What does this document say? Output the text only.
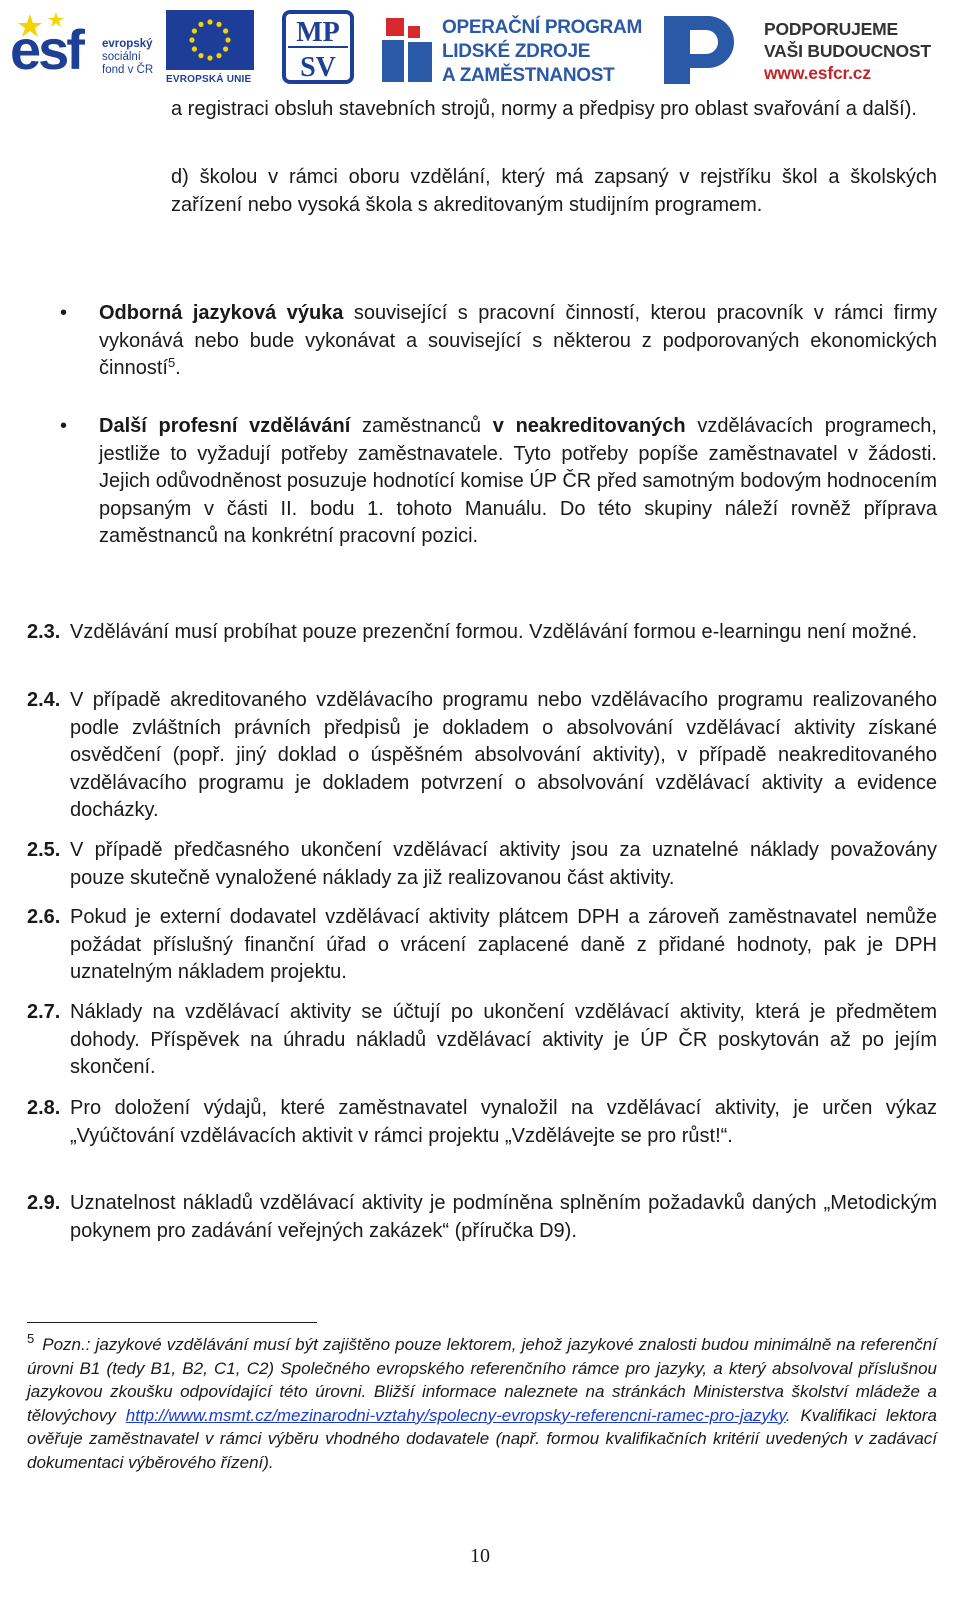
esf evropský
sociální
fond v ČR
EVROPSKÁ UNIE
MP
SV
OPERAČNÍ PROGRAM
LIDSKÉ ZDROJE
A ZAMĚSTNANOST
PODPORUJEME
VAŠI BUDOUCNOST
www.esfcr.cz

a registraci obsluh stavebních strojů, normy a předpisy pro oblast svařování a další).

d) školou v rámci oboru vzdělání, který má zapsaný v rejstříku škol a školských zařízení nebo vysoká škola s akreditovaným studijním programem.

•	Odborná jazyková výuka související s pracovní činností, kterou pracovník v rámci firmy vykonává nebo bude vykonávat a související s některou z podporovaných ekonomických činností$^5$.

•	Další profesní vzdělávání zaměstnanců v neakreditovaných vzdělávacích programech, jestliže to vyžadují potřeby zaměstnavatele. Tyto potřeby popíše zaměstnavatel v žádosti. Jejich odůvodněnost posuzuje hodnotící komise ÚP ČR před samotným bodovým hodnocením popsaným v části II. bodu 1. tohoto Manuálu. Do této skupiny náleží rovněž příprava zaměstnanců na konkrétní pracovní pozici.

2.3. Vzdělávání musí probíhat pouze prezenční formou. Vzdělávání formou e-learningu není možné.

2.4. V případě akreditovaného vzdělávacího programu nebo vzdělávacího programu realizovaného podle zvláštních právních předpisů je dokladem o absolvování vzdělávací aktivity získané osvědčení (popř. jiný doklad o úspěšném absolvování aktivity), v případě neakreditovaného vzdělávacího programu je dokladem potvrzení o absolvování vzdělávací aktivity a evidence docházky.

2.5. V případě předčasného ukončení vzdělávací aktivity jsou za uznatelné náklady považovány pouze skutečně vynaložené náklady za již realizovanou část aktivity.

2.6. Pokud je externí dodavatel vzdělávací aktivity plátcem DPH a zároveň zaměstnavatel nemůže požádat příslušný finanční úřad o vrácení zaplacené daně z přidané hodnoty, pak je DPH uznatelným nákladem projektu.

2.7. Náklady na vzdělávací aktivity se účtují po ukončení vzdělávací aktivity, která je předmětem dohody. Příspěvek na úhradu nákladů vzdělávací aktivity je ÚP ČR poskytován až po jejím skončení.

2.8. Pro doložení výdajů, které zaměstnavatel vynaložil na vzdělávací aktivity, je určen výkaz „Vyúčtování vzdělávacích aktivit v rámci projektu „Vzdělávejte se pro růst!“.

2.9. Uznatelnost nákladů vzdělávací aktivity je podmíněna splněním požadavků daných „Metodickým pokynem pro zadávání veřejných zakázek“ (příručka D9).

$^5$ Pozn.: jazykové vzdělávání musí být zajištěno pouze lektorem, jehož jazykové znalosti budou minimálně na referenční úrovni B1 (tedy B1, B2, C1, C2) Společného evropského referenčního rámce pro jazyky, a který absolvoval příslušnou jazykovou zkoušku odpovídající této úrovni. Bližší informace naleznete na stránkách Ministerstva školství mládeže a tělovýchovy http://www.msmt.cz/mezinarodni-vztahy/spolecny-evropsky-referencni-ramec-pro-jazyky. Kvalifikaci lektora ověřuje zaměstnavatel v rámci výběru vhodného dodavatele (např. formou kvalifikačních kritérií uvedených v zadávací dokumentaci výběrového řízení).

10
